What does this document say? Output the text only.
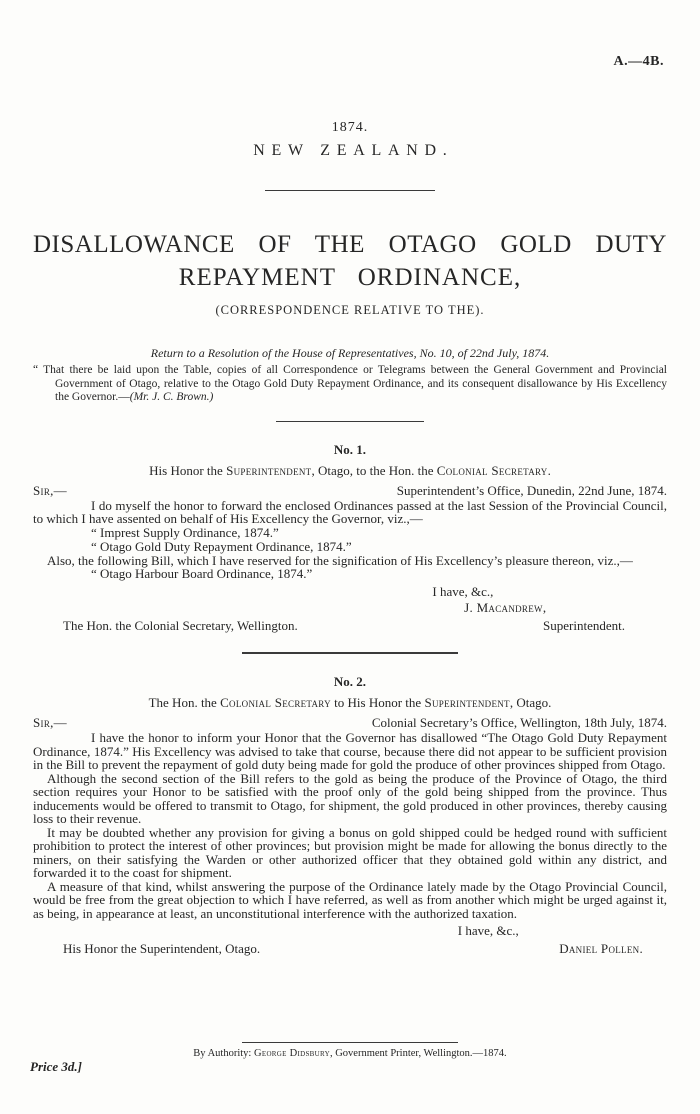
A.—4B.
1874.
NEW ZEALAND.
DISALLOWANCE OF THE OTAGO GOLD DUTY
REPAYMENT ORDINANCE,
(CORRESPONDENCE RELATIVE TO THE).
Return to a Resolution of the House of Representatives, No. 10, of 22nd July, 1874.

“ That there be laid upon the Table, copies of all Correspondence or Telegrams between the General Government and Provincial Government of Otago, relative to the Otago Gold Duty Repayment Ordinance, and its consequent disallowance by His Excellency the Governor.—(Mr. J. C. Brown.)

No. 1.
His Honor the Superintendent, Otago, to the Hon. the Colonial Secretary.
Sir,—	Superintendent’s Office, Dunedin, 22nd June, 1874.

I do myself the honor to forward the enclosed Ordinances passed at the last Session of the Provincial Council, to which I have assented on behalf of His Excellency the Governor, viz.,—

“ Imprest Supply Ordinance, 1874.”
“ Otago Gold Duty Repayment Ordinance, 1874.”

Also, the following Bill, which I have reserved for the signification of His Excellency’s pleasure thereon, viz.,—

“ Otago Harbour Board Ordinance, 1874.”
I have, &c.,
J. Macandrew,
The Hon. the Colonial Secretary, Wellington.	Superintendent.
No. 2.
The Hon. the Colonial Secretary to His Honor the Superintendent, Otago.
Sir,—	Colonial Secretary’s Office, Wellington, 18th July, 1874.

I have the honor to inform your Honor that the Governor has disallowed “The Otago Gold Duty Repayment Ordinance, 1874.” His Excellency was advised to take that course, because there did not appear to be sufficient provision in the Bill to prevent the repayment of gold duty being made for gold the produce of other provinces shipped from Otago.

Although the second section of the Bill refers to the gold as being the produce of the Province of Otago, the third section requires your Honor to be satisfied with the proof only of the gold being shipped from the province. Thus inducements would be offered to transmit to Otago, for shipment, the gold produced in other provinces, thereby causing loss to their revenue.

It may be doubted whether any provision for giving a bonus on gold shipped could be hedged round with sufficient prohibition to protect the interest of other provinces; but provision might be made for allowing the bonus directly to the miners, on their satisfying the Warden or other authorized officer that they obtained gold within any district, and forwarded it to the coast for shipment.

A measure of that kind, whilst answering the purpose of the Ordinance lately made by the Otago Provincial Council, would be free from the great objection to which I have referred, as well as from another which might be urged against it, as being, in appearance at least, an unconstitutional interference with the authorized taxation.

I have, &c.,
His Honor the Superintendent, Otago.	Daniel Pollen.
By Authority: George Didsbury, Government Printer, Wellington.—1874.
Price 3d.]
